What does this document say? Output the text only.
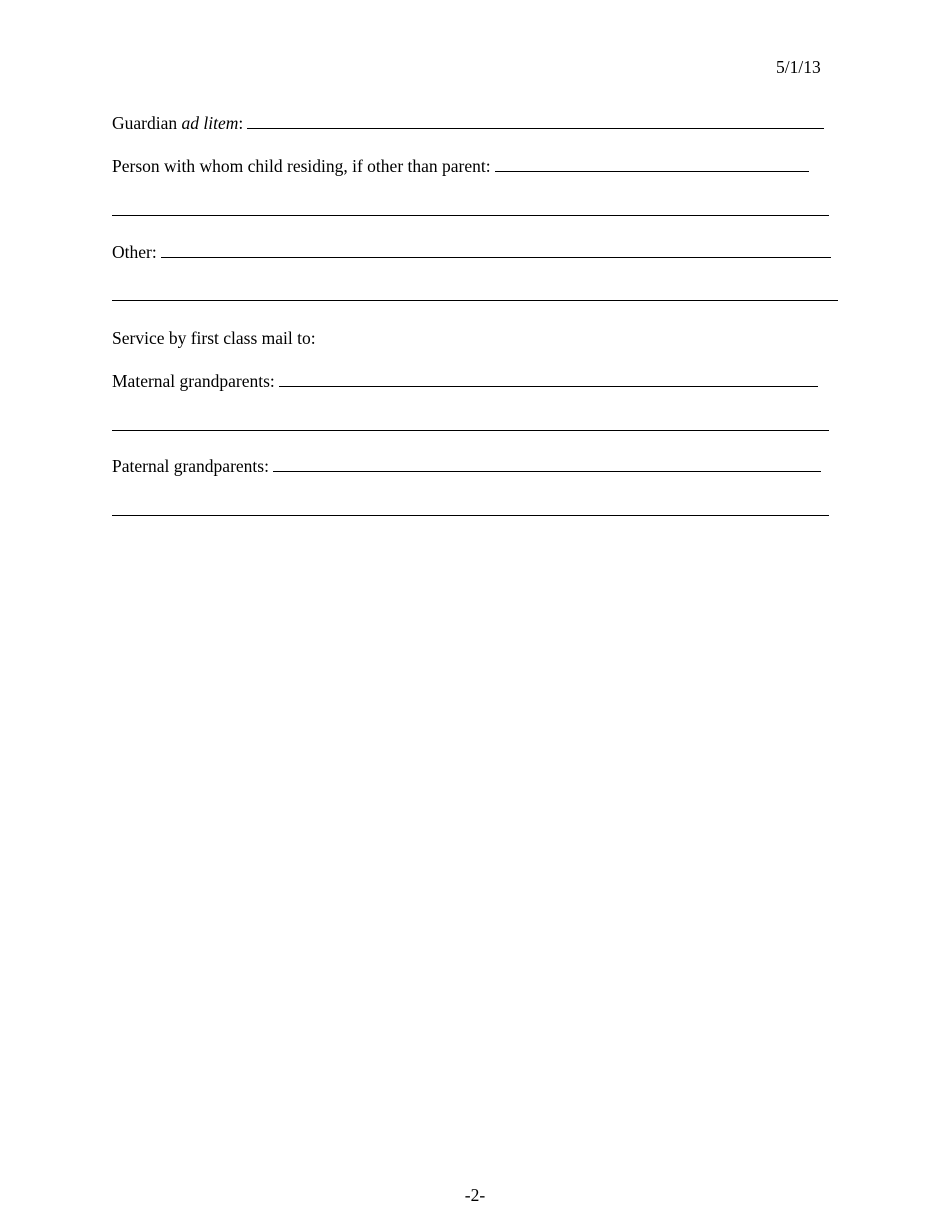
5/1/13
Guardian ad litem:
Person with whom child residing, if other than parent:
Other:
Service by first class mail to:
Maternal grandparents:
Paternal grandparents:
-2-
